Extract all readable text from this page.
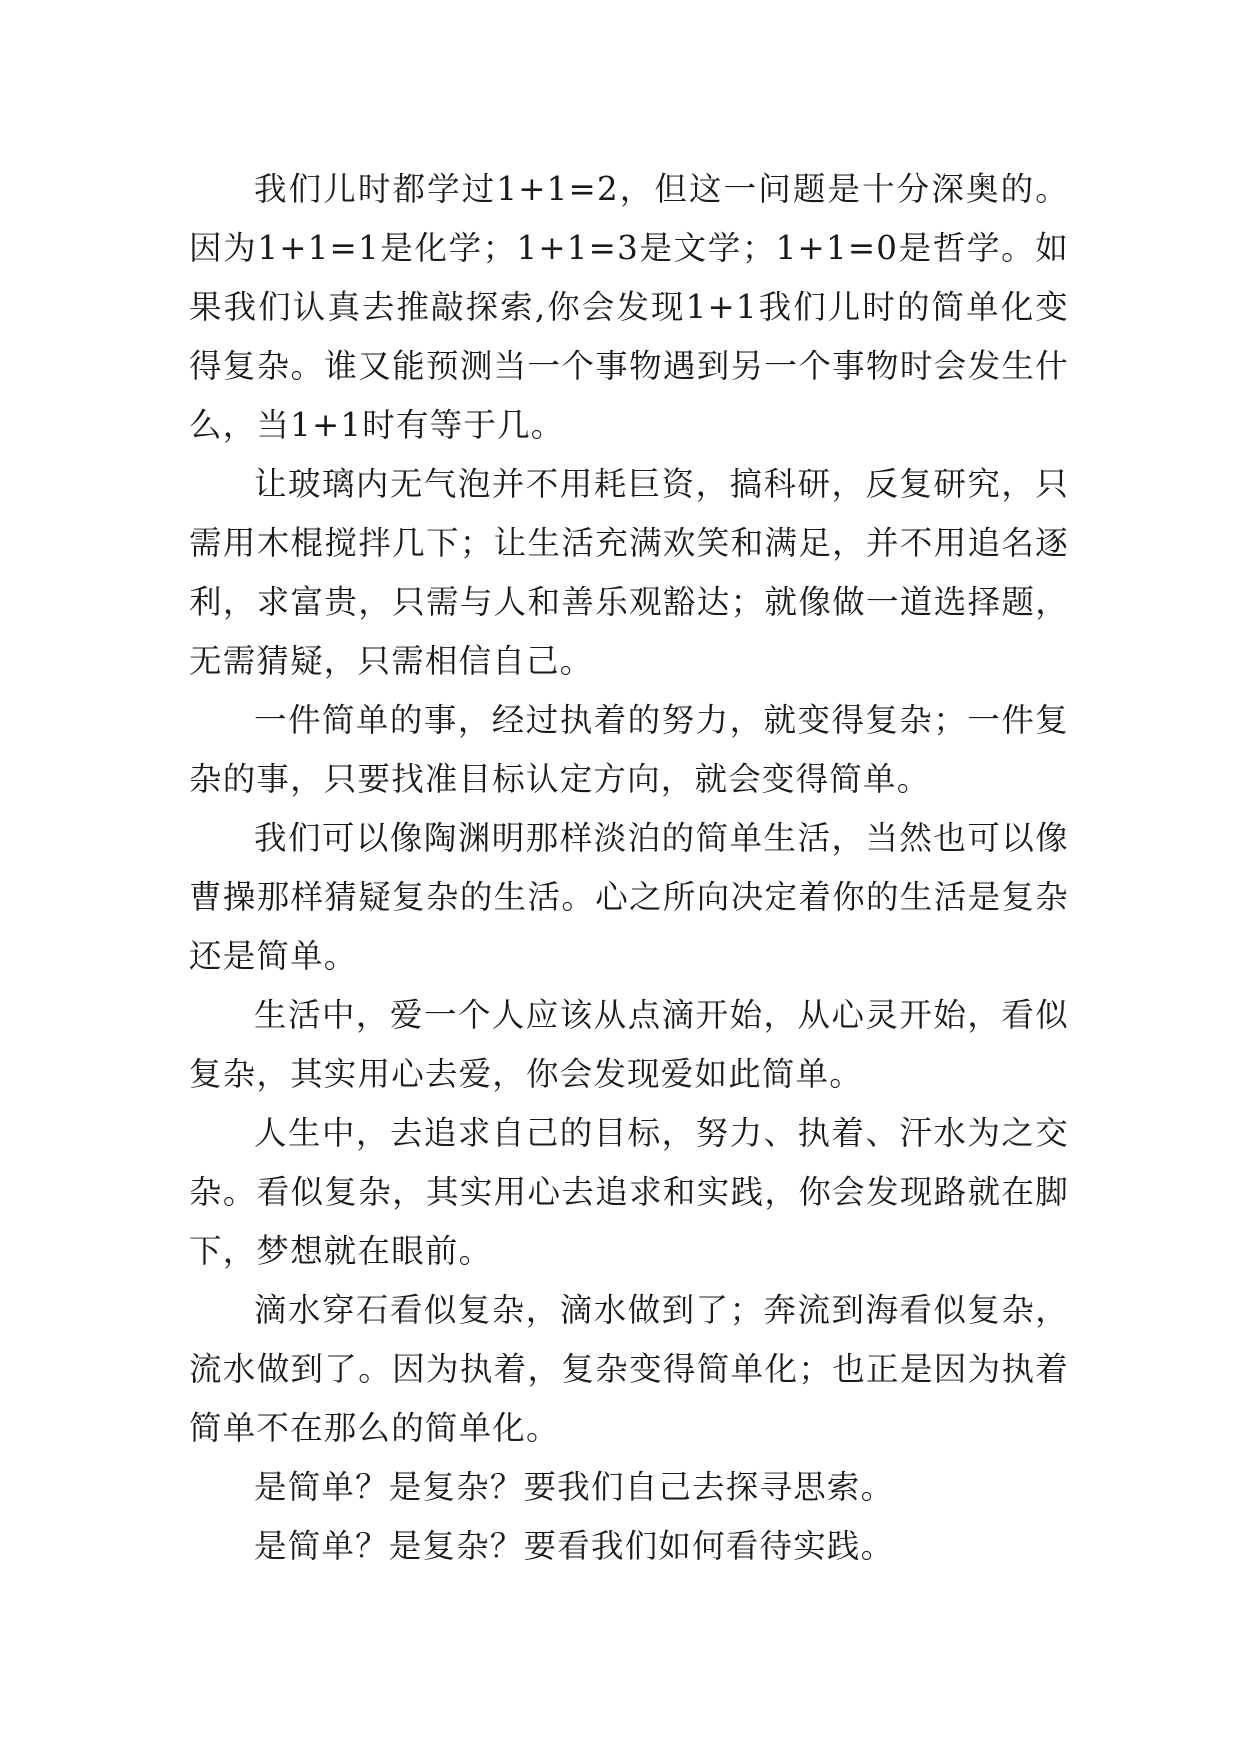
我们儿时都学过1+1=2，但这一问题是十分深奥的。因为1+1=1是化学；1+1=3是文学；1+1=0是哲学。如果我们认真去推敲探索,你会发现1+1我们儿时的简单化变得复杂。谁又能预测当一个事物遇到另一个事物时会发生什么，当1+1时有等于几。

让玻璃内无气泡并不用耗巨资，搞科研，反复研究，只需用木棍搅拌几下；让生活充满欢笑和满足，并不用追名逐利，求富贵，只需与人和善乐观豁达；就像做一道选择题，无需猜疑，只需相信自己。

一件简单的事，经过执着的努力，就变得复杂；一件复杂的事，只要找准目标认定方向，就会变得简单。

我们可以像陶渊明那样淡泊的简单生活，当然也可以像曹操那样猜疑复杂的生活。心之所向决定着你的生活是复杂还是简单。

生活中，爱一个人应该从点滴开始，从心灵开始，看似复杂，其实用心去爱，你会发现爱如此简单。

人生中，去追求自己的目标，努力、执着、汗水为之交杂。看似复杂，其实用心去追求和实践，你会发现路就在脚下，梦想就在眼前。

滴水穿石看似复杂，滴水做到了；奔流到海看似复杂，流水做到了。因为执着，复杂变得简单化；也正是因为执着简单不在那么的简单化。

是简单？是复杂？要我们自己去探寻思索。

是简单？是复杂？要看我们如何看待实践。
